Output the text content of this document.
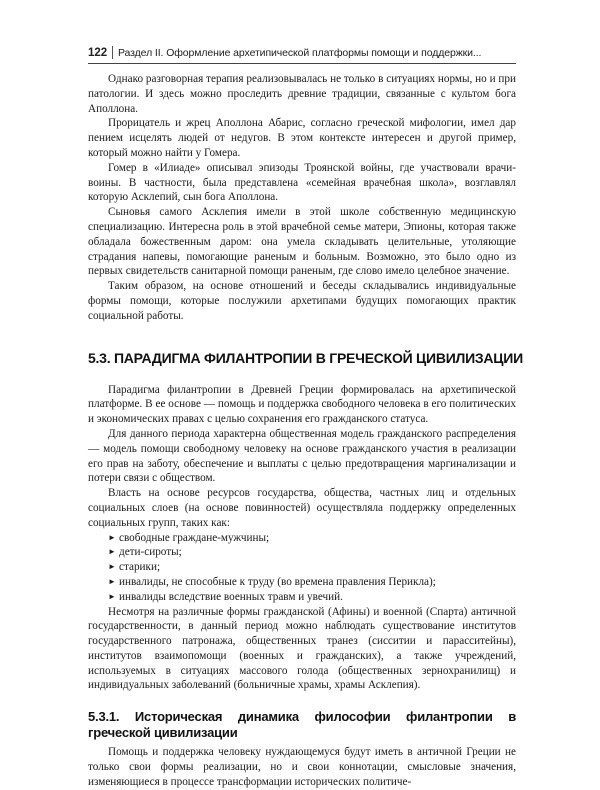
122 Раздел II. Оформление архетипической платформы помощи и поддержки...

Однако разговорная терапия реализовывалась не только в ситуациях нормы, но и при патологии. И здесь можно проследить древние традиции, связанные с культом бога Аполлона.

Прорицатель и жрец Аполлона Абарис, согласно греческой мифологии, имел дар пением исцелять людей от недугов. В этом контексте интересен и другой пример, который можно найти у Гомера.

Гомер в «Илиаде» описывал эпизоды Троянской войны, где участвовали врачи-воины. В частности, была представлена «семейная врачебная школа», возглавлял которую Асклепий, сын бога Аполлона.

Сыновья самого Асклепия имели в этой школе собственную медицинскую специализацию. Интересна роль в этой врачебной семье матери, Эпионы, которая также обладала божественным даром: она умела складывать целительные, утоляющие страдания напевы, помогающие раненым и больным. Возможно, это было одно из первых свидетельств санитарной помощи раненым, где слово имело целебное значение.

Таким образом, на основе отношений и беседы складывались индивидуальные формы помощи, которые послужили архетипами будущих помогающих практик социальной работы.

5.3. ПАРАДИГМА ФИЛАНТРОПИИ В ГРЕЧЕСКОЙ ЦИВИЛИЗАЦИИ

Парадигма филантропии в Древней Греции формировалась на архетипической платформе. В ее основе — помощь и поддержка свободного человека в его политических и экономических правах с целью сохранения его гражданского статуса.

Для данного периода характерна общественная модель гражданского распределения — модель помощи свободному человеку на основе гражданского участия в реализации его прав на заботу, обеспечение и выплаты с целью предотвращения маргинализации и потери связи с обществом.

Власть на основе ресурсов государства, общества, частных лиц и отдельных социальных слоев (на основе повинностей) осуществляла поддержку определенных социальных групп, таких как:

► свободные граждане-мужчины;
► дети-сироты;
► старики;
► инвалиды, не способные к труду (во времена правления Перикла);
► инвалиды вследствие военных травм и увечий.

Несмотря на различные формы гражданской (Афины) и военной (Спарта) античной государственности, в данный период можно наблюдать существование институтов государственного патронажа, общественных транез (сисситии и парасситейны), институтов взаимопомощи (военных и гражданских), а также учреждений, используемых в ситуациях массового голода (общественных зернохранилищ) и индивидуальных заболеваний (больничные храмы, храмы Асклепия).

5.3.1. Историческая динамика философии филантропии в греческой цивилизации

Помощь и поддержка человеку нуждающемуся будут иметь в античной Греции не только свои формы реализации, но и свои коннотации, смысловые значения, изменяющиеся в процессе трансформации исторических политиче-
